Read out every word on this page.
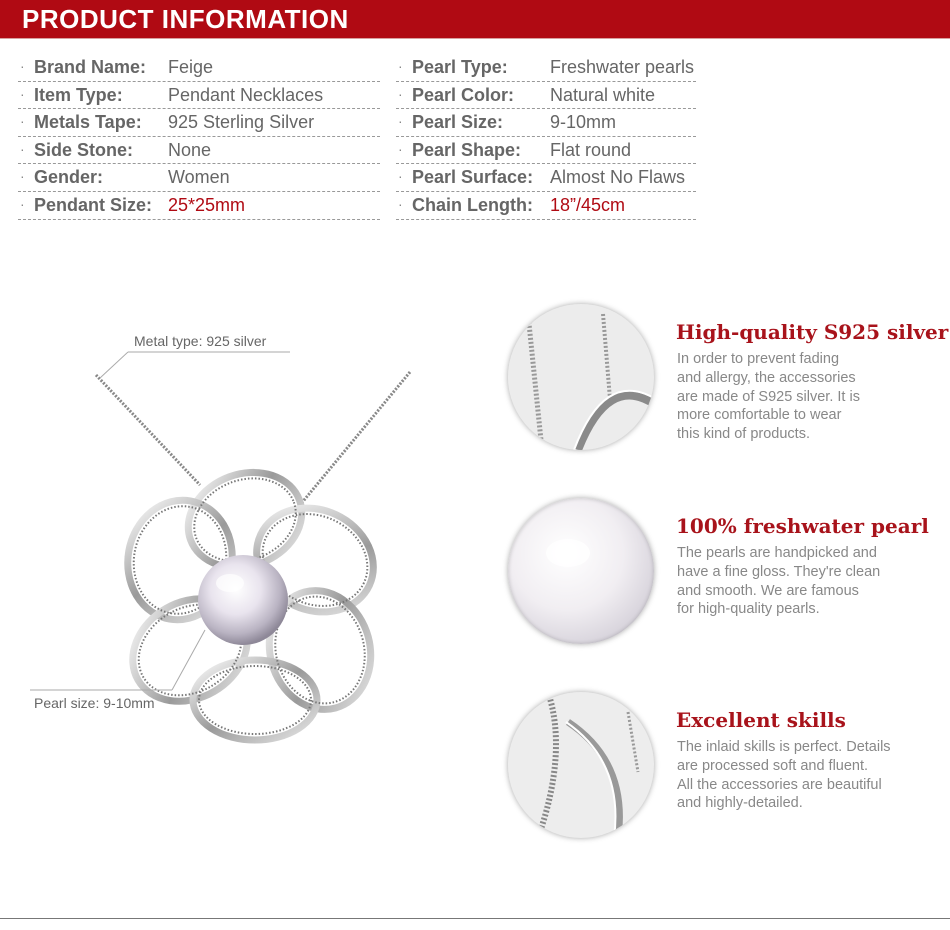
PRODUCT INFORMATION
· Brand Name: Feige
· Item Type:	Pendant Necklaces
· Metals Tape: 925 Sterling Silver
· Side Stone: None
· Gender:	Women
· Pendant Size: 25*25mm
· Pearl Type: Freshwater pearls
· Pearl Color: Natural white
· Pearl Size:	9-10mm
· Pearl Shape: Flat round
· Pearl Surface: Almost No Flaws
· Chain Length: 18”/45cm
Metal type: 925 silver
Pearl size: 9-10mm
High-quality S925 silver
In order to prevent fading
and allergy, the accessories
are made of S925 silver. It is
more comfortable to wear
this kind of products.
100% freshwater pearl
The pearls are handpicked and
have a fine gloss. They're clean
and smooth. We are famous
for high-quality pearls.
Excellent skills
The inlaid skills is perfect. Details
are processed soft and fluent.
All the accessories are beautiful
and highly-detailed.
